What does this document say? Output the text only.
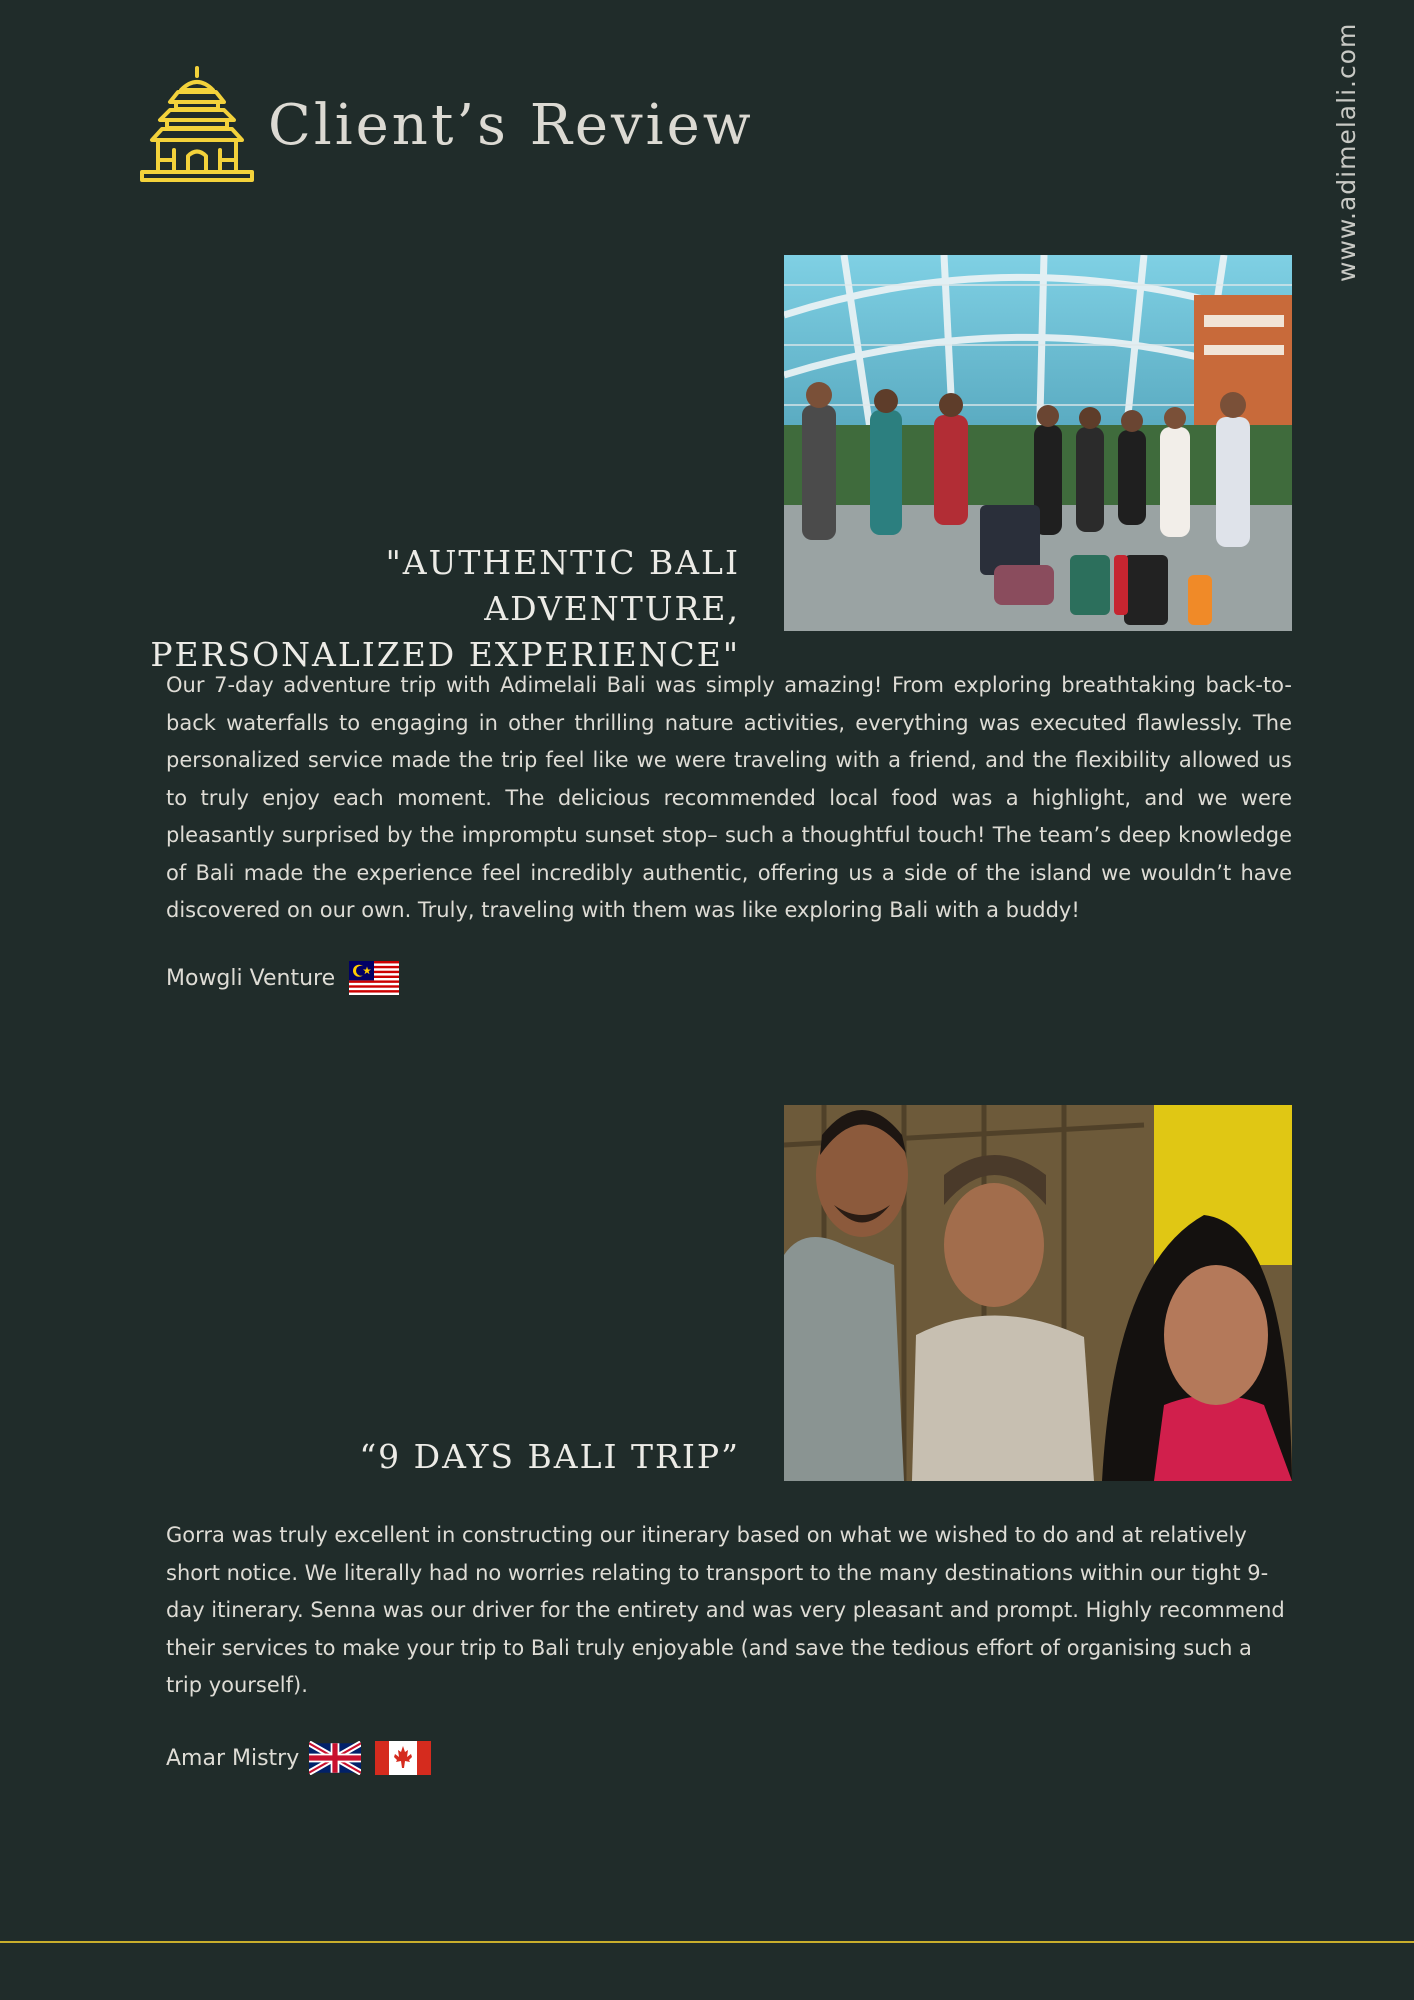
Client’s Review	www.adimelali.com
"AUTHENTIC BALI ADVENTURE,
PERSONALIZED EXPERIENCE"

Our 7-day adventure trip with Adimelali Bali was simply amazing! From exploring breathtaking back-to-back waterfalls to engaging in other thrilling nature activities, everything was executed flawlessly. The personalized service made the trip feel like we were traveling with a friend, and the flexibility allowed us to truly enjoy each moment. The delicious recommended local food was a highlight, and we were pleasantly surprised by the impromptu sunset stop– such a thoughtful touch! The team’s deep knowledge of Bali made the experience feel incredibly authentic, offering us a side of the island we wouldn’t have discovered on our own. Truly, traveling with them was like exploring Bali with a buddy!

Mowgli Venture
“9 DAYS BALI TRIP”

Gorra was truly excellent in constructing our itinerary based on what we wished to do and at relatively short notice. We literally had no worries relating to transport to the many destinations within our tight 9-day itinerary. Senna was our driver for the entirety and was very pleasant and prompt. Highly recommend their services to make your trip to Bali truly enjoyable (and save the tedious effort of organising such a trip yourself).

Amar Mistry
